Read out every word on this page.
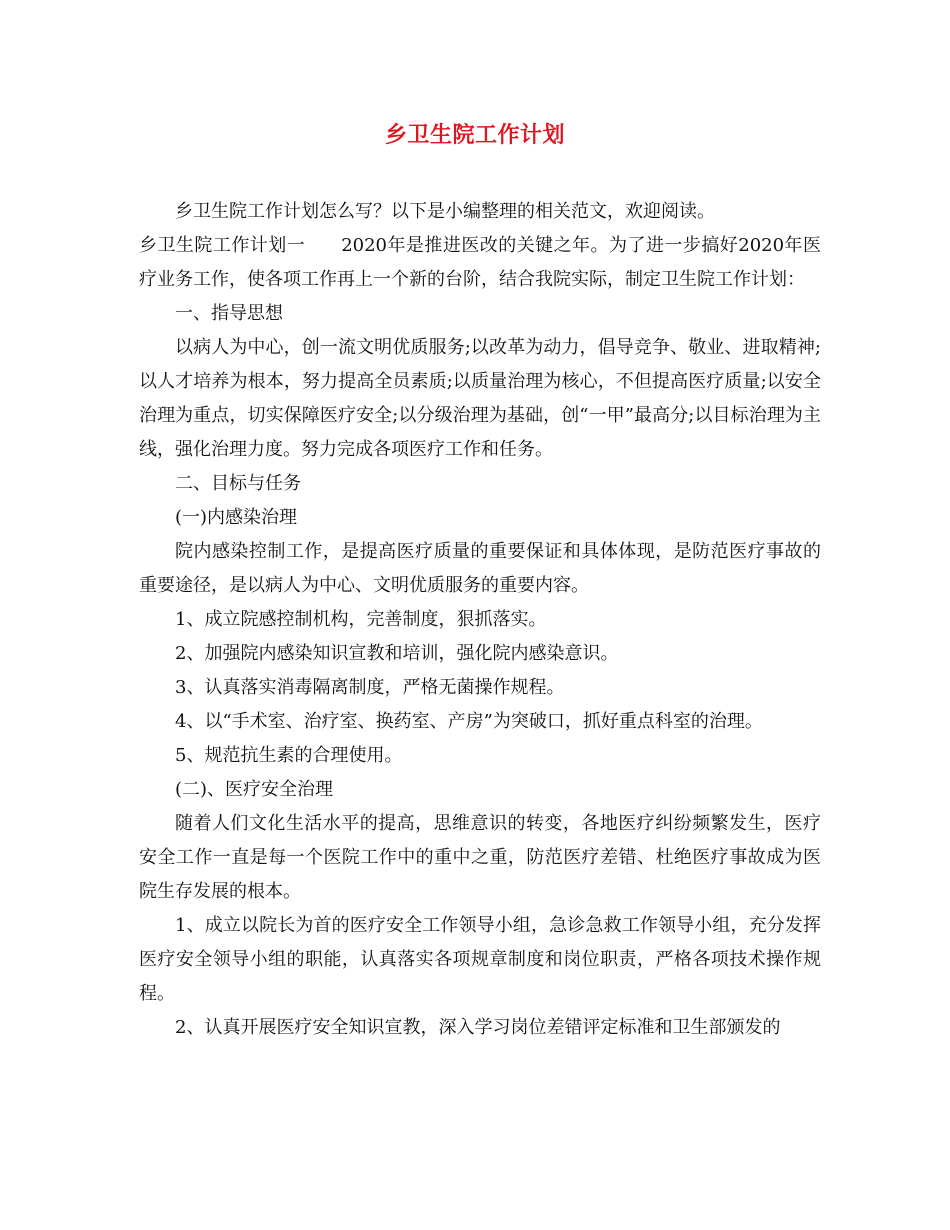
乡卫生院工作计划

乡卫生院工作计划怎么写？以下是小编整理的相关范文，欢迎阅读。

乡卫生院工作计划一 2020年是推进医改的关键之年。为了进一步搞好2020年医疗业务工作，使各项工作再上一个新的台阶，结合我院实际，制定卫生院工作计划：

一、指导思想

以病人为中心，创一流文明优质服务;以改革为动力，倡导竞争、敬业、进取精神;以人才培养为根本，努力提高全员素质;以质量治理为核心，不但提高医疗质量;以安全治理为重点，切实保障医疗安全;以分级治理为基础，创“一甲”最高分;以目标治理为主线，强化治理力度。努力完成各项医疗工作和任务。

二、目标与任务

(一)内感染治理

院内感染控制工作，是提高医疗质量的重要保证和具体体现，是防范医疗事故的重要途径，是以病人为中心、文明优质服务的重要内容。

1、成立院感控制机构，完善制度，狠抓落实。

2、加强院内感染知识宣教和培训，强化院内感染意识。

3、认真落实消毒隔离制度，严格无菌操作规程。

4、以“手术室、治疗室、换药室、产房”为突破口，抓好重点科室的治理。

5、规范抗生素的合理使用。

(二)、医疗安全治理

随着人们文化生活水平的提高，思维意识的转变，各地医疗纠纷频繁发生，医疗安全工作一直是每一个医院工作中的重中之重，防范医疗差错、杜绝医疗事故成为医院生存发展的根本。

1、成立以院长为首的医疗安全工作领导小组，急诊急救工作领导小组，充分发挥医疗安全领导小组的职能，认真落实各项规章制度和岗位职责，严格各项技术操作规程。

2、认真开展医疗安全知识宣教，深入学习岗位差错评定标准和卫生部颁发的
